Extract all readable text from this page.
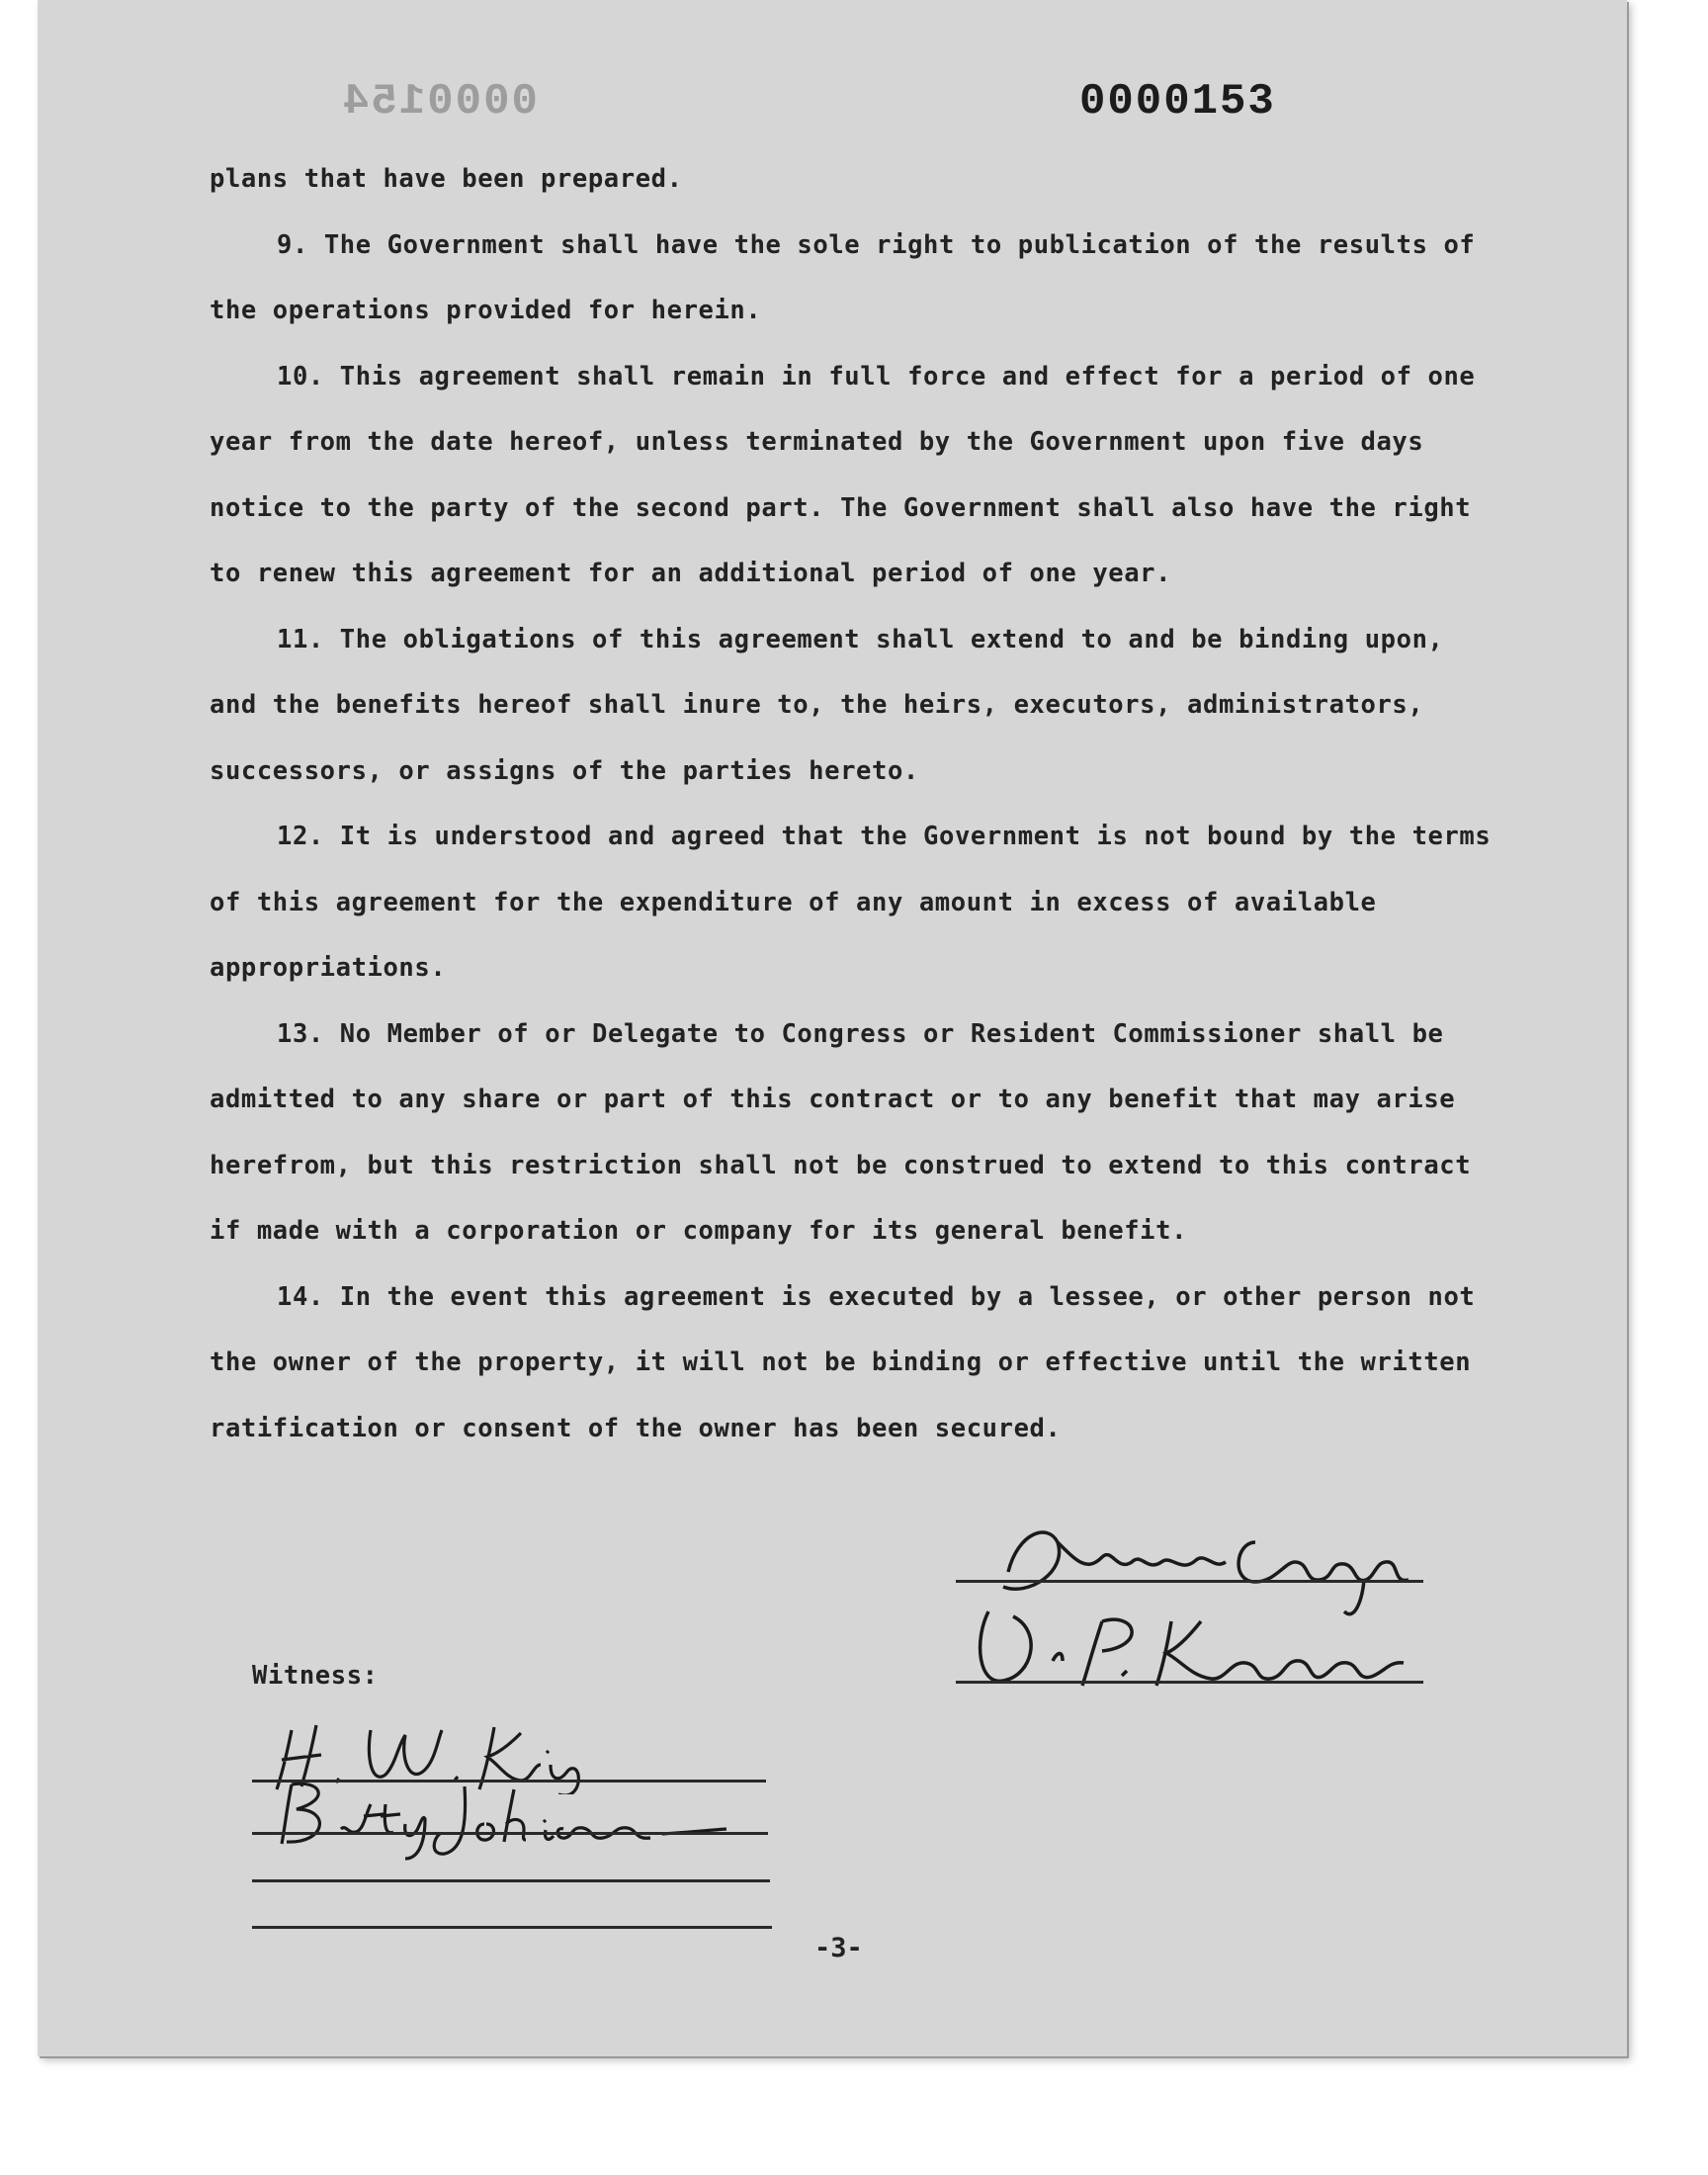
0000154	0000153

plans that have been prepared.

9. The Government shall have the sole right to publication of the results of the operations provided for herein.

10. This agreement shall remain in full force and effect for a period of one year from the date hereof, unless terminated by the Government upon five days notice to the party of the second part. The Government shall also have the right to renew this agreement for an additional period of one year.

11. The obligations of this agreement shall extend to and be binding upon, and the benefits hereof shall inure to, the heirs, executors, administrators, successors, or assigns of the parties hereto.

12. It is understood and agreed that the Government is not bound by the terms of this agreement for the expenditure of any amount in excess of available appropriations.

13. No Member of or Delegate to Congress or Resident Commissioner shall be admitted to any share or part of this contract or to any benefit that may arise herefrom, but this restriction shall not be construed to extend to this contract if made with a corporation or company for its general benefit.

14. In the event this agreement is executed by a lessee, or other person not the owner of the property, it will not be binding or effective until the written ratification or consent of the owner has been secured.

Witness:
-3-
